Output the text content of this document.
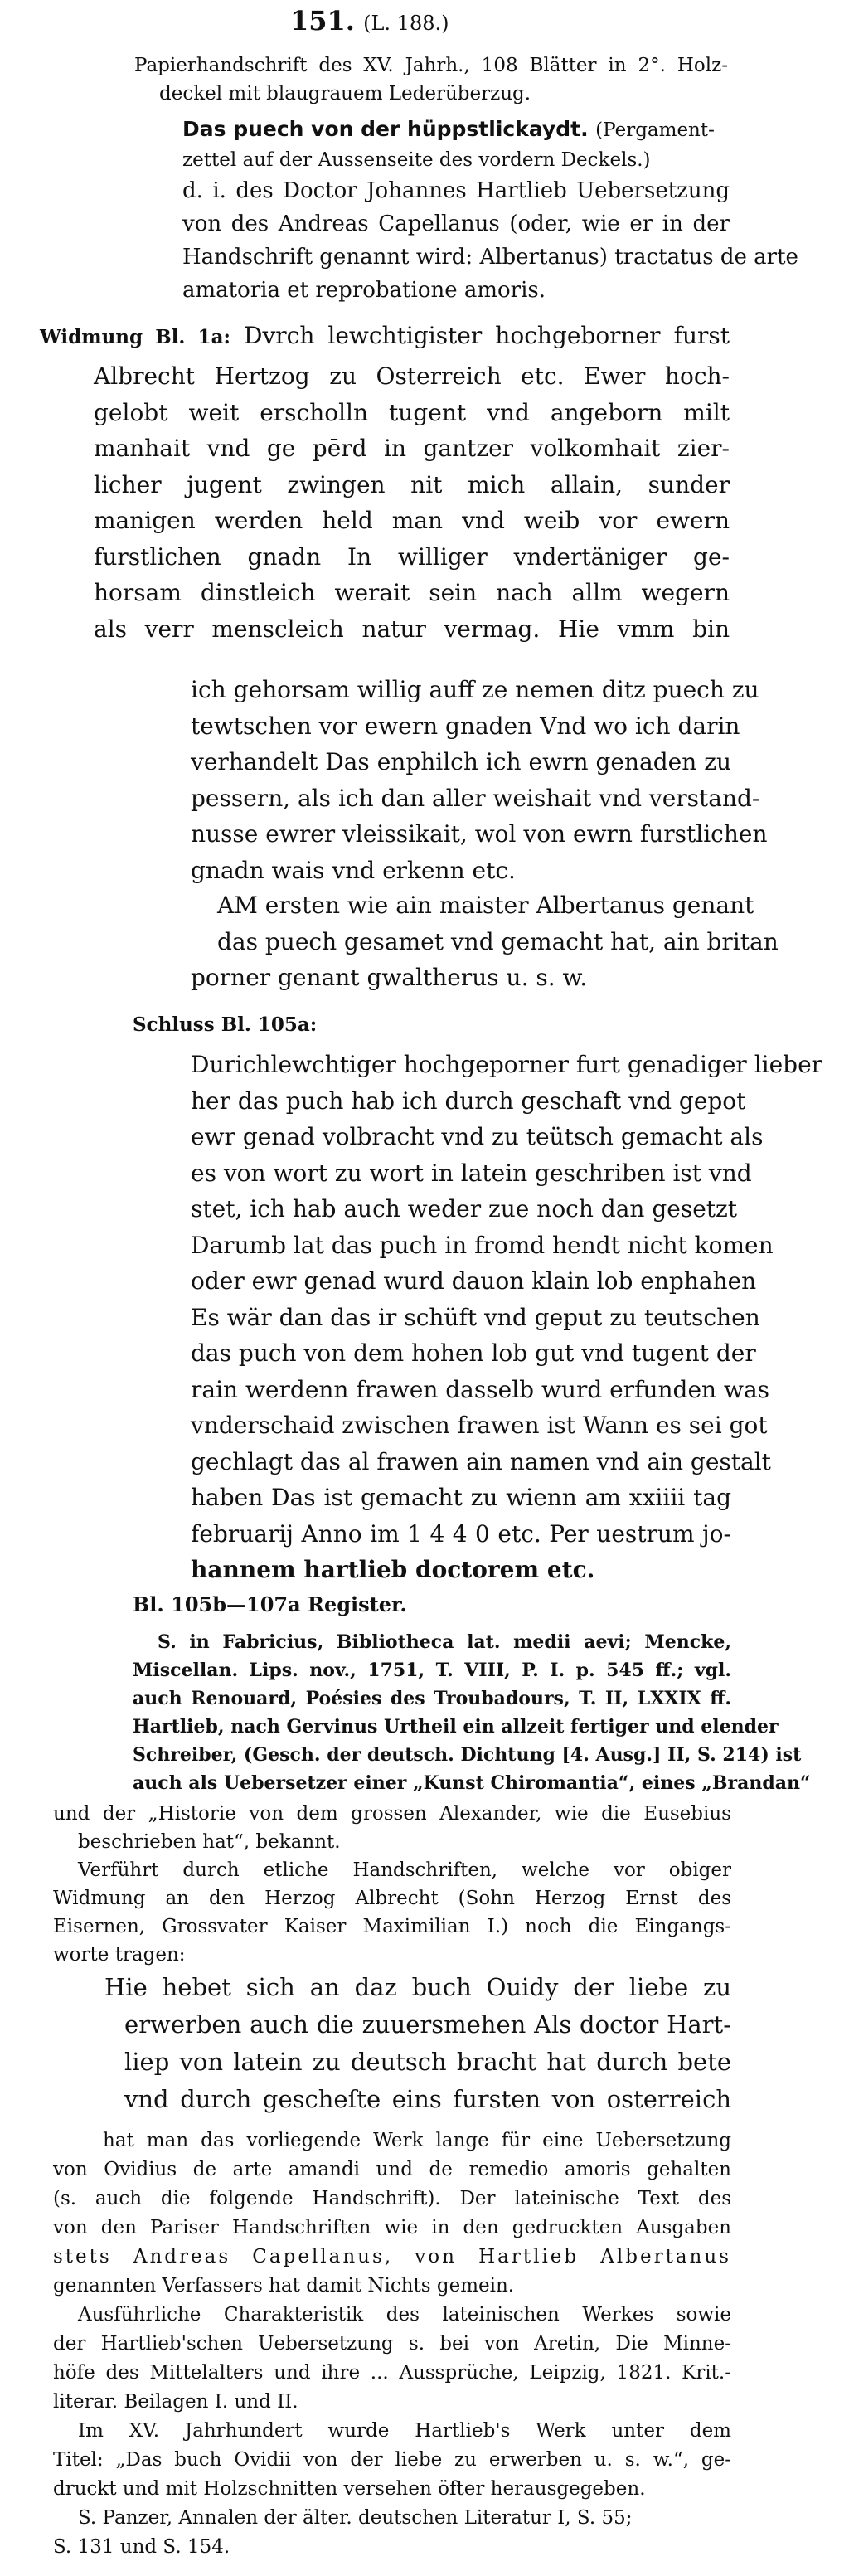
151. (L. 188.)
Papierhandschrift des XV. Jahrh., 108 Blätter in 2°. Holz-
deckel mit blaugrauem Lederüberzug.
Das puech von der hüppstlickaydt. (Pergament-
zettel auf der Aussenseite des vordern Deckels.)
d. i. des Doctor Johannes Hartlieb Uebersetzung
von des Andreas Capellanus (oder, wie er in der
Handschrift genannt wird: Albertanus) tractatus de arte
amatoria et reprobatione amoris.
Widmung Bl. 1a: Dvrch lewchtigister hochgeborner furst
Albrecht Hertzog zu Osterreich etc. Ewer hoch-
gelobt weit erscholln tugent vnd angeborn milt
manhait vnd ge pērd in gantzer volkomhait zier-
licher jugent zwingen nit mich allain, sunder
manigen werden held man vnd weib vor ewern
furstlichen gnadn In williger vndertäniger ge-
horsam dinstleich werait sein nach allm wegern
als verr menscleich natur vermag. Hie vmm bin
ich gehorsam willig auff ze nemen ditz puech zu
tewtschen vor ewern gnaden Vnd wo ich darin
verhandelt Das enphilch ich ewrn genaden zu
pessern, als ich dan aller weishait vnd verstand-
nusse ewrer vleissikait, wol von ewrn furstlichen
gnadn wais vnd erkenn etc.
AM ersten wie ain maister Albertanus genant
das puech gesamet vnd gemacht hat, ain britan
porner genant gwaltherus u. s. w.
Schluss Bl. 105a:
Durichlewchtiger hochgeporner furt genadiger lieber
her das puch hab ich durch geschaft vnd gepot
ewr genad volbracht vnd zu teütsch gemacht als
es von wort zu wort in latein geschriben ist vnd
stet, ich hab auch weder zue noch dan gesetzt
Darumb lat das puch in fromd hendt nicht komen
oder ewr genad wurd dauon klain lob enphahen
Es wär dan das ir schüft vnd geput zu teutschen
das puch von dem hohen lob gut vnd tugent der
rain werdenn frawen dasselb wurd erfunden was
vnderschaid zwischen frawen ist Wann es sei got
gechlagt das al frawen ain namen vnd ain gestalt
haben Das ist gemacht zu wienn am xxiiii tag
februarij Anno im 1 4 4 0 etc. Per uestrum jo-
hannem hartlieb doctorem etc.
Bl. 105b—107a Register.
S. in Fabricius, Bibliotheca lat. medii aevi; Mencke,
Miscellan. Lips. nov., 1751, T. VIII, P. I. p. 545 ff.; vgl.
auch Renouard, Poésies des Troubadours, T. II, LXXIX ff.
Hartlieb, nach Gervinus Urtheil ein allzeit fertiger und elender
Schreiber, (Gesch. der deutsch. Dichtung [4. Ausg.] II, S. 214) ist
auch als Uebersetzer einer „Kunst Chiromantia“, eines „Brandan“
und der „Historie von dem grossen Alexander, wie die Eusebius
beschrieben hat“, bekannt.
Verführt durch etliche Handschriften, welche vor obiger
Widmung an den Herzog Albrecht (Sohn Herzog Ernst des
Eisernen, Grossvater Kaiser Maximilian I.) noch die Eingangs-
worte tragen:
Hie hebet sich an daz buch Ouidy der liebe zu
erwerben auch die zuuersmehen Als doctor Hart-
liep von latein zu deutsch bracht hat durch bete
vnd durch gescheſte eins fursten von osterreich
hat man das vorliegende Werk lange für eine Uebersetzung
von Ovidius de arte amandi und de remedio amoris gehalten
(s. auch die folgende Handschrift). Der lateinische Text des
von den Pariser Handschriften wie in den gedruckten Ausgaben
stets Andreas Capellanus, von Hartlieb Albertanus
genannten Verfassers hat damit Nichts gemein.
Ausführliche Charakteristik des lateinischen Werkes sowie
der Hartlieb'schen Uebersetzung s. bei von Aretin, Die Minne-
höfe des Mittelalters und ihre ... Aussprüche, Leipzig, 1821. Krit.-
literar. Beilagen I. und II.
Im XV. Jahrhundert wurde Hartlieb's Werk unter dem
Titel: „Das buch Ovidii von der liebe zu erwerben u. s. w.“, ge-
druckt und mit Holzschnitten versehen öfter herausgegeben.
S. Panzer, Annalen der älter. deutschen Literatur I, S. 55;
S. 131 und S. 154.
